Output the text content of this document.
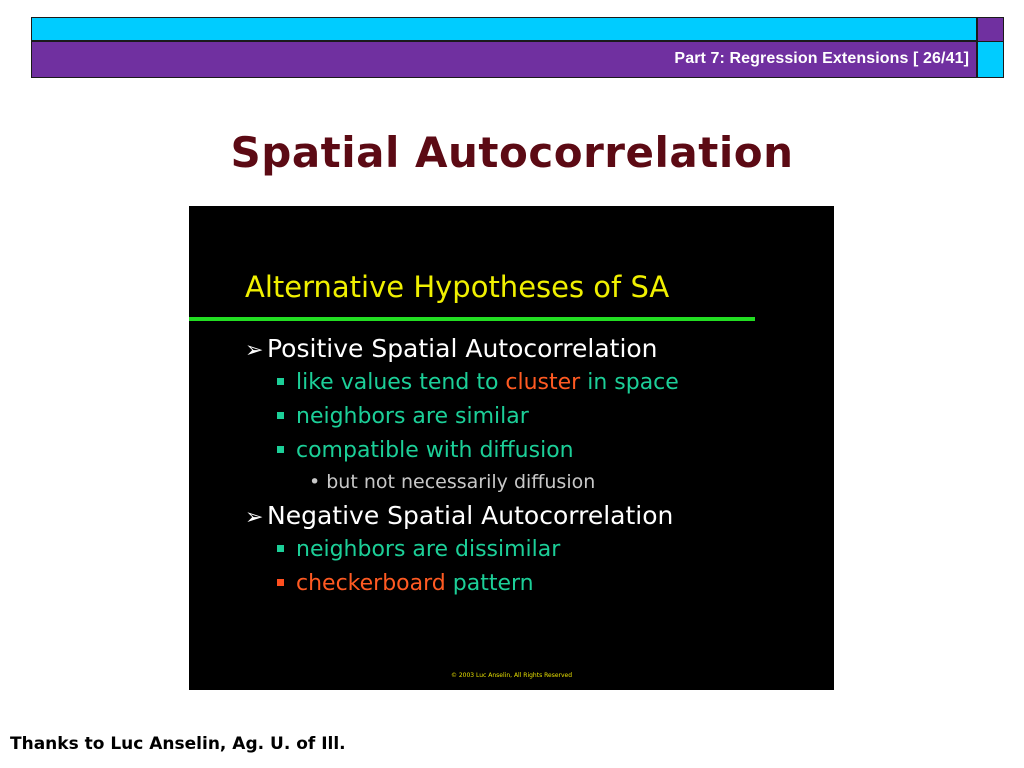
Part 7: Regression Extensions [ 26/41]
Spatial Autocorrelation
Alternative Hypotheses of SA
➢ Positive Spatial Autocorrelation
like values tend to cluster in space
neighbors are similar
compatible with diffusion
• but not necessarily diffusion
➢ Negative Spatial Autocorrelation
neighbors are dissimilar
checkerboard pattern
© 2003 Luc Anselin, All Rights Reserved
Thanks to Luc Anselin, Ag. U. of Ill.
